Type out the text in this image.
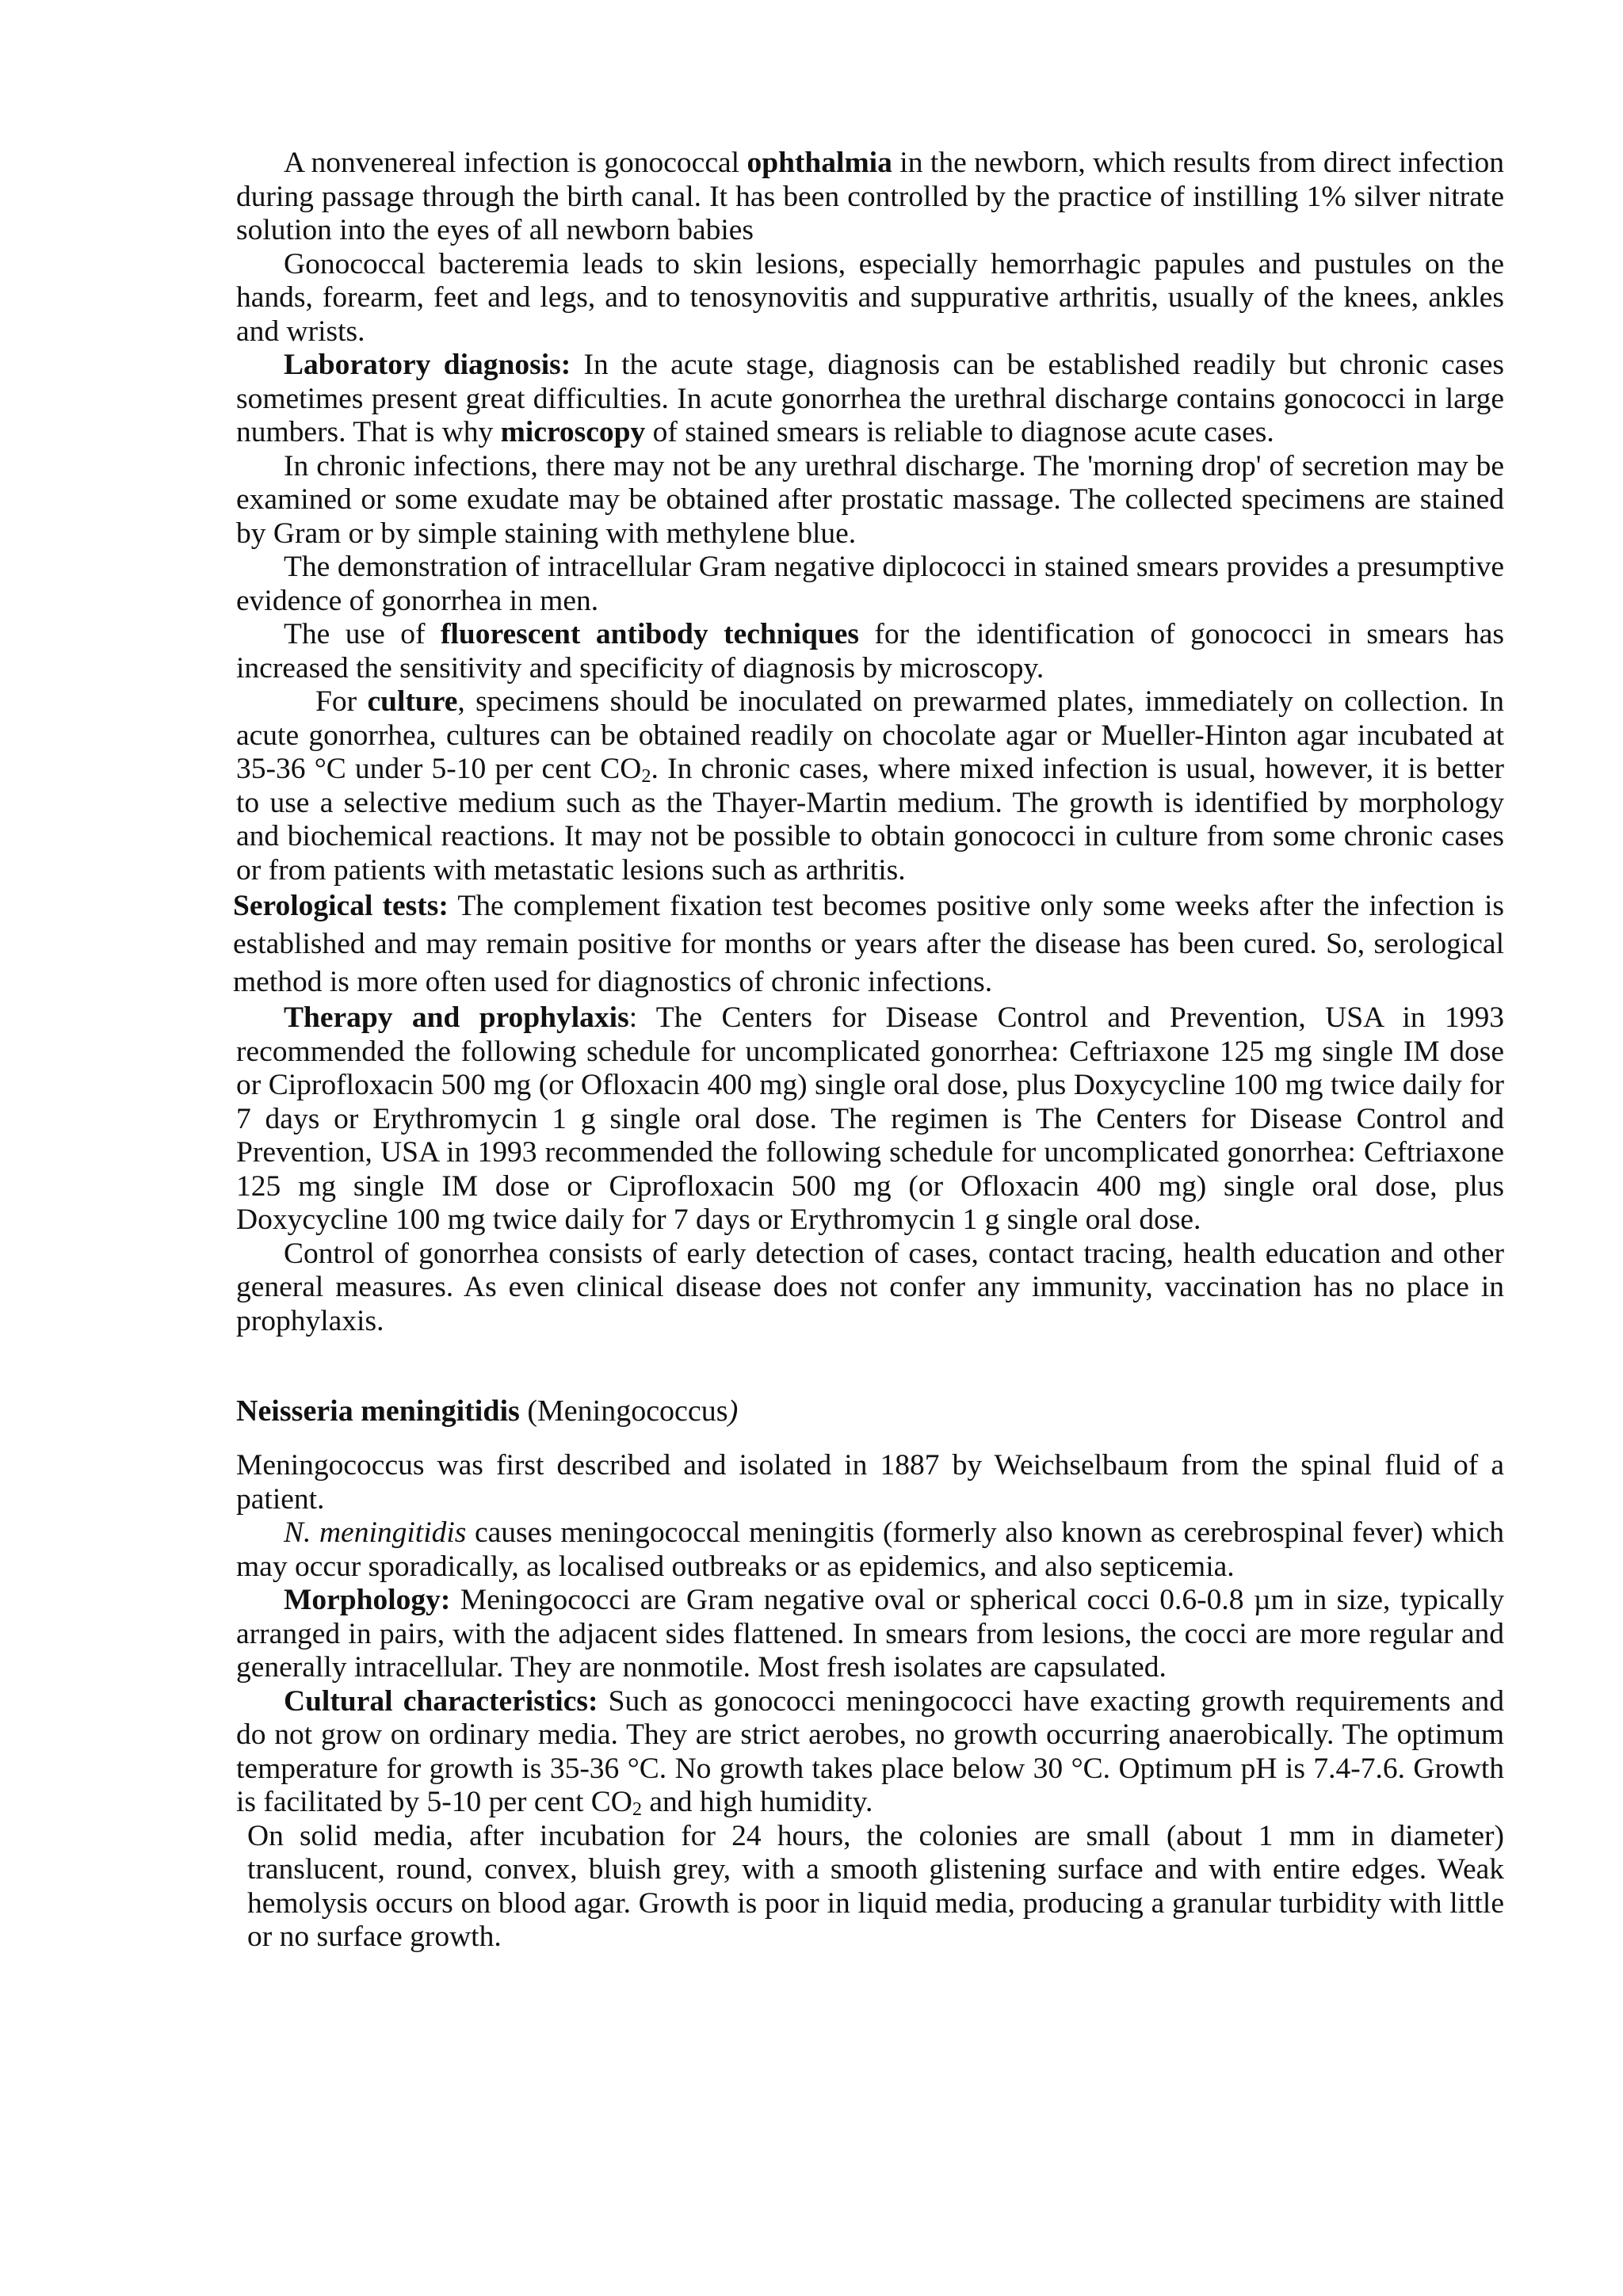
A nonvenereal infection is gonococcal ophthalmia in the newborn, which results from direct infection during passage through the birth canal. It has been controlled by the practice of instilling 1% silver nitrate solution into the eyes of all newborn babies

Gonococcal bacteremia leads to skin lesions, especially hemorrhagic papules and pustules on the hands, forearm, feet and legs, and to tenosynovitis and suppurative arthritis, usually of the knees, ankles and wrists.

Laboratory diagnosis: In the acute stage, diagnosis can be established readily but chronic cases sometimes present great difficulties. In acute gonorrhea the urethral discharge contains gonococci in large numbers. That is why microscopy of stained smears is reliable to diagnose acute cases.

In chronic infections, there may not be any urethral discharge. The 'morning drop' of secretion may be examined or some exudate may be obtained after prostatic massage. The collected specimens are stained by Gram or by simple staining with methylene blue.

The demonstration of intracellular Gram negative diplococci in stained smears provides a presumptive evidence of gonorrhea in men.

The use of fluorescent antibody techniques for the identification of gonococci in smears has increased the sensitivity and specificity of diagnosis by microscopy.

For culture, specimens should be inoculated on prewarmed plates, immediately on collection. In acute gonorrhea, cultures can be obtained readily on chocolate agar or Mueller-Hinton agar incubated at 35-36 °C under 5-10 per cent $CO_2$. In chronic cases, where mixed infection is usual, however, it is better to use a selective medium such as the Thayer-Martin medium. The growth is identified by morphology and biochemical reactions. It may not be possible to obtain gonococci in culture from some chronic cases or from patients with metastatic lesions such as arthritis.

Serological tests: The complement fixation test becomes positive only some weeks after the infection is established and may remain positive for months or years after the disease has been cured. So, serological method is more often used for diagnostics of chronic infections.

Therapy and prophylaxis: The Centers for Disease Control and Prevention, USA in 1993 recommended the following schedule for uncomplicated gonorrhea: Ceftriaxone 125 mg single IM dose or Ciprofloxacin 500 mg (or Ofloxacin 400 mg) single oral dose, plus Doxycycline 100 mg twice daily for 7 days or Erythromycin 1 g single oral dose. The regimen is The Centers for Disease Control and Prevention, USA in 1993 recommended the following schedule for uncomplicated gonorrhea: Ceftriaxone 125 mg single IM dose or Ciprofloxacin 500 mg (or Ofloxacin 400 mg) single oral dose, plus Doxycycline 100 mg twice daily for 7 days or Erythromycin 1 g single oral dose.

Control of gonorrhea consists of early detection of cases, contact tracing, health education and other general measures. As even clinical disease does not confer any immunity, vaccination has no place in prophylaxis.

Neisseria meningitidis (Meningococcus)

Meningococcus was first described and isolated in 1887 by Weichselbaum from the spinal fluid of a patient.

N. meningitidis causes meningococcal meningitis (formerly also known as cerebrospinal fever) which may occur sporadically, as localised outbreaks or as epidemics, and also septicemia.

Morphology: Meningococci are Gram negative oval or spherical cocci 0.6-0.8 µm in size, typically arranged in pairs, with the adjacent sides flattened. In smears from lesions, the cocci are more regular and generally intracellular. They are nonmotile. Most fresh isolates are capsulated.

Cultural characteristics: Such as gonococci meningococci have exacting growth requirements and do not grow on ordinary media. They are strict aerobes, no growth occurring anaerobically. The optimum temperature for growth is 35-36 °C. No growth takes place below 30 °C. Optimum pH is 7.4-7.6. Growth is facilitated by 5-10 per cent $CO_2$ and high humidity.

On solid media, after incubation for 24 hours, the colonies are small (about 1 mm in diameter) translucent, round, convex, bluish grey, with a smooth glistening surface and with entire edges. Weak hemolysis occurs on blood agar. Growth is poor in liquid media, producing a granular turbidity with little or no surface growth.
